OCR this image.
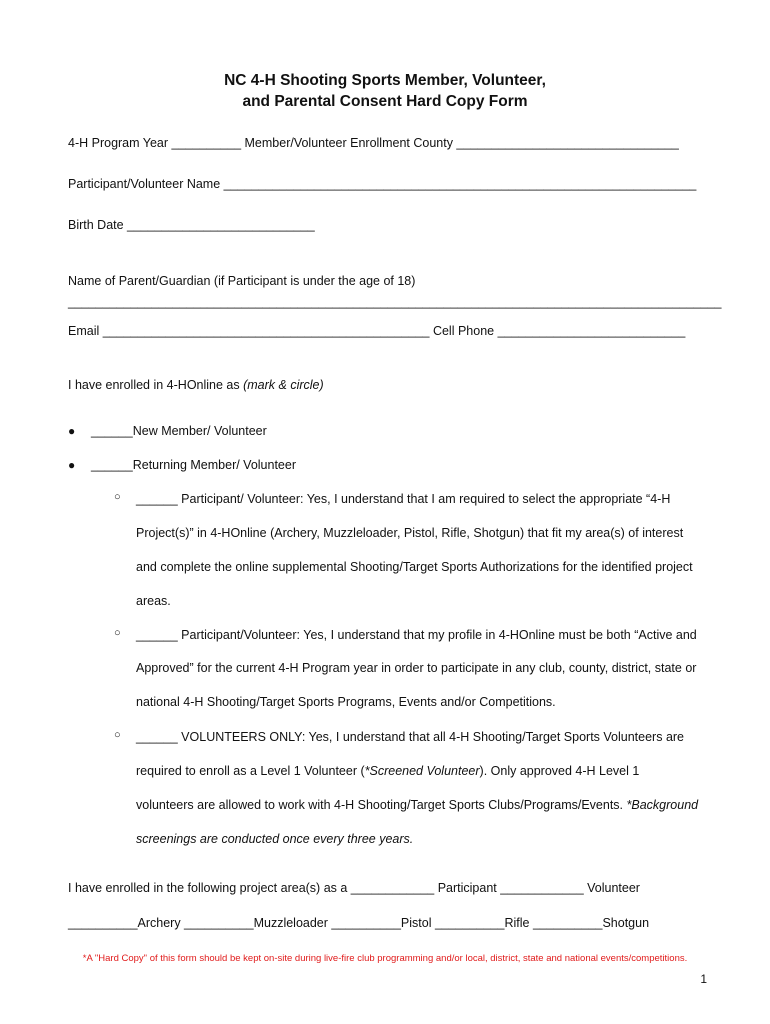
NC 4-H Shooting Sports Member, Volunteer,
and Parental Consent Hard Copy Form
4-H Program Year __________ Member/Volunteer Enrollment County ________________________________
Participant/Volunteer Name ____________________________________________________________________
Birth Date ___________________________
Name of Parent/Guardian (if Participant is under the age of 18)
______________________________________________________________________________________________
Email _______________________________________________ Cell Phone ___________________________
I have enrolled in 4-HOnline as (mark & circle)
● ______New Member/ Volunteer
● ______Returning Member/ Volunteer
○ ______ Participant/ Volunteer: Yes, I understand that I am required to select the appropriate “4-H
Project(s)” in 4-HOnline (Archery, Muzzleloader, Pistol, Rifle, Shotgun) that fit my area(s) of interest
and complete the online supplemental Shooting/Target Sports Authorizations for the identified project
areas.
○ ______ Participant/Volunteer: Yes, I understand that my profile in 4-HOnline must be both “Active and
Approved” for the current 4-H Program year in order to participate in any club, county, district, state or
national 4-H Shooting/Target Sports Programs, Events and/or Competitions.
○ ______ VOLUNTEERS ONLY: Yes, I understand that all 4-H Shooting/Target Sports Volunteers are
required to enroll as a Level 1 Volunteer (*Screened Volunteer). Only approved 4-H Level 1
volunteers are allowed to work with 4-H Shooting/Target Sports Clubs/Programs/Events. *Background
screenings are conducted once every three years.
I have enrolled in the following project area(s) as a ____________ Participant ____________ Volunteer
__________Archery __________Muzzleloader __________Pistol __________Rifle __________Shotgun
*A "Hard Copy" of this form should be kept on-site during live-fire club programming and/or local, district, state and national events/competitions.
1
